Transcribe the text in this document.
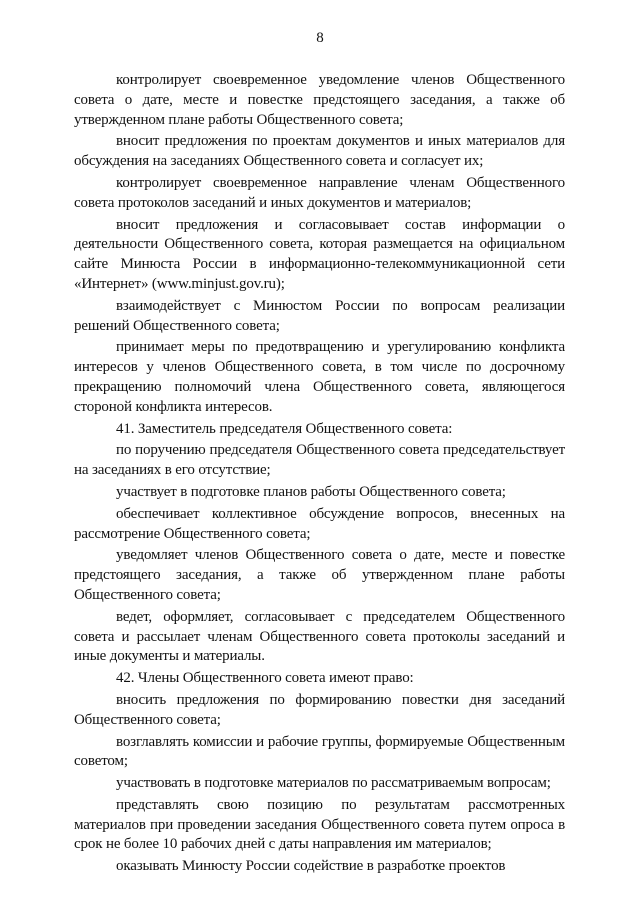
8

контролирует своевременное уведомление членов Общественного совета о дате, месте и повестке предстоящего заседания, а также об утвержденном плане работы Общественного совета;

вносит предложения по проектам документов и иных материалов для обсуждения на заседаниях Общественного совета и согласует их;

контролирует своевременное направление членам Общественного совета протоколов заседаний и иных документов и материалов;

вносит предложения и согласовывает состав информации о деятельности Общественного совета, которая размещается на официальном сайте Минюста России в информационно-телекоммуникационной сети «Интернет» (www.minjust.gov.ru);

взаимодействует с Минюстом России по вопросам реализации решений Общественного совета;

принимает меры по предотвращению и урегулированию конфликта интересов у членов Общественного совета, в том числе по досрочному прекращению полномочий члена Общественного совета, являющегося стороной конфликта интересов.

41. Заместитель председателя Общественного совета:

по поручению председателя Общественного совета председательствует на заседаниях в его отсутствие;

участвует в подготовке планов работы Общественного совета;

обеспечивает коллективное обсуждение вопросов, внесенных на рассмотрение Общественного совета;

уведомляет членов Общественного совета о дате, месте и повестке предстоящего заседания, а также об утвержденном плане работы Общественного совета;

ведет, оформляет, согласовывает с председателем Общественного совета и рассылает членам Общественного совета протоколы заседаний и иные документы и материалы.

42. Члены Общественного совета имеют право:

вносить предложения по формированию повестки дня заседаний Общественного совета;

возглавлять комиссии и рабочие группы, формируемые Общественным советом;

участвовать в подготовке материалов по рассматриваемым вопросам;

представлять свою позицию по результатам рассмотренных материалов при проведении заседания Общественного совета путем опроса в срок не более 10 рабочих дней с даты направления им материалов;

оказывать Минюсту России содействие в разработке проектов
